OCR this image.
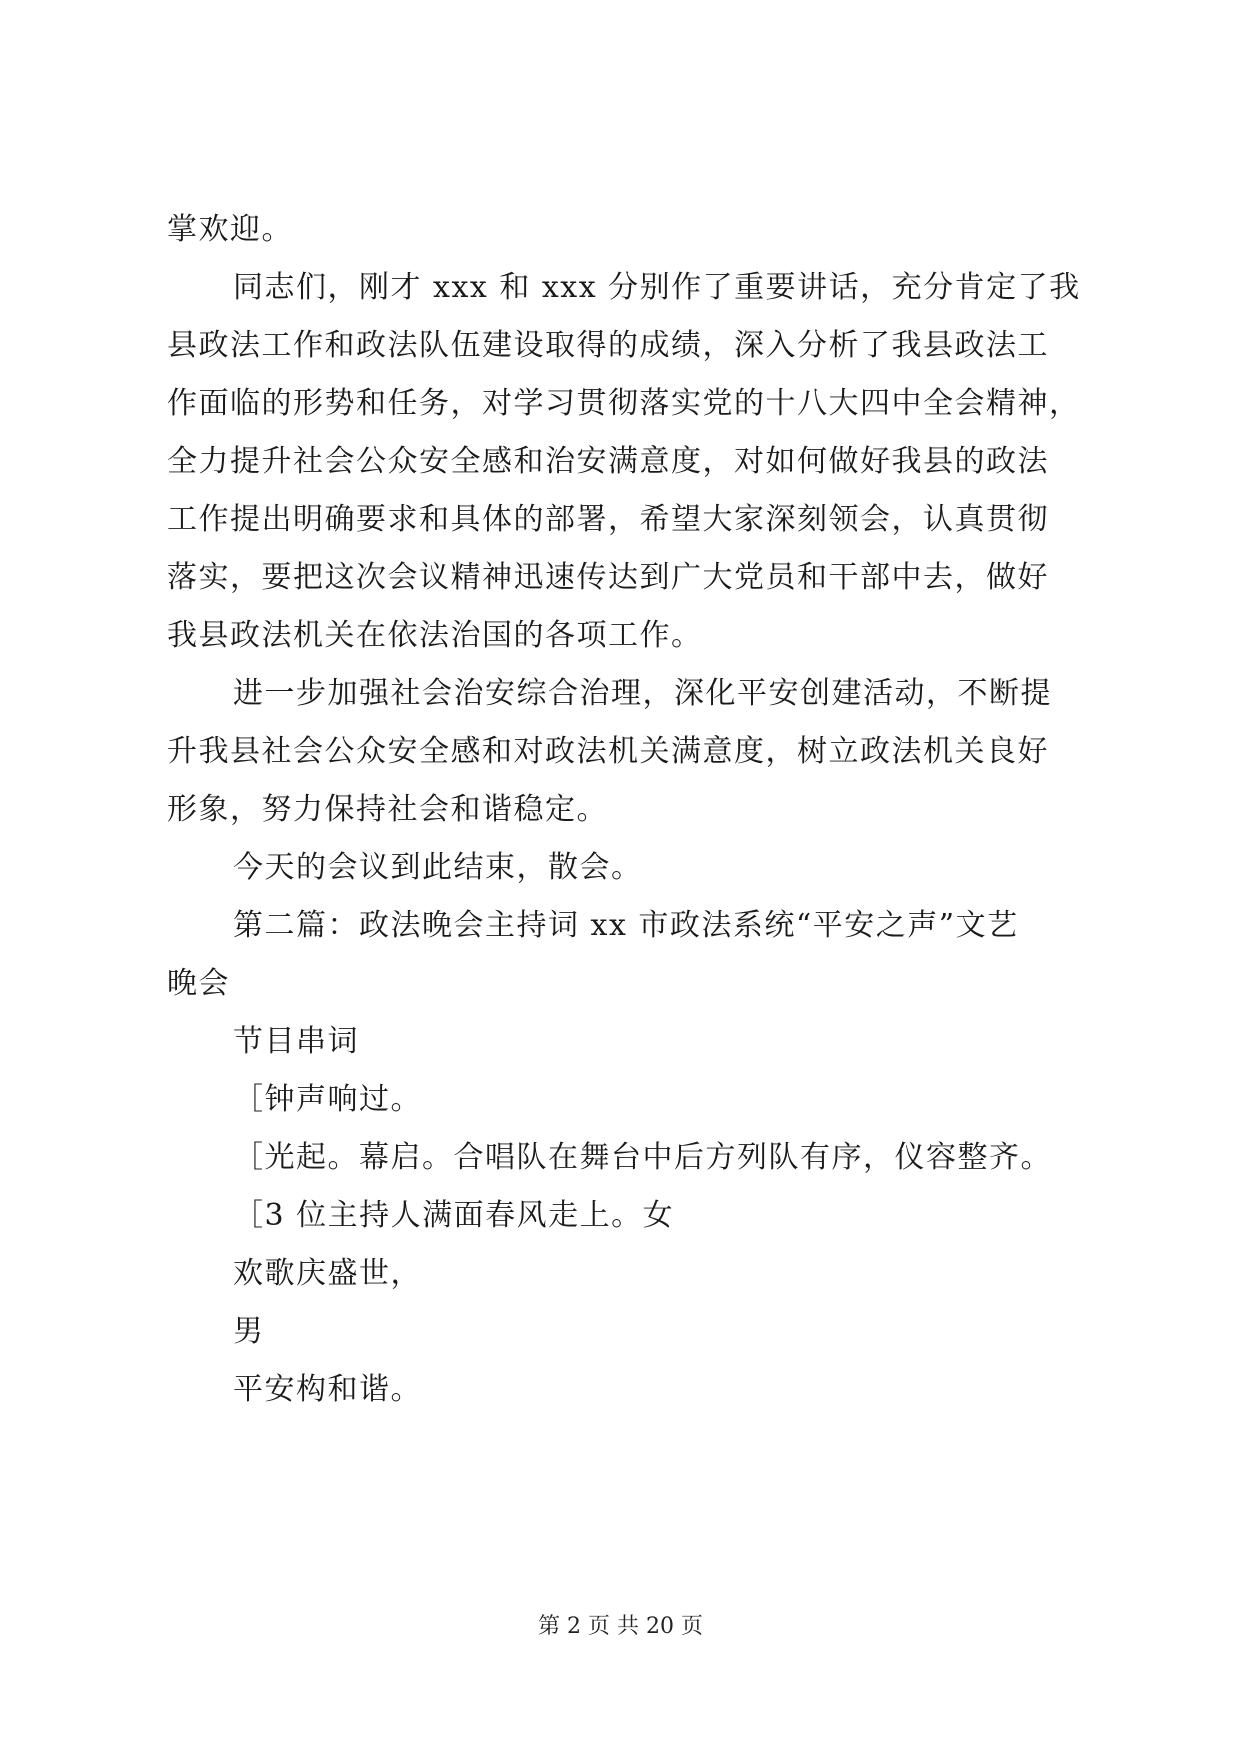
掌欢迎。
同志们，刚才 xxx 和 xxx 分别作了重要讲话，充分肯定了我
县政法工作和政法队伍建设取得的成绩，深入分析了我县政法工
作面临的形势和任务，对学习贯彻落实党的十八大四中全会精神，
全力提升社会公众安全感和治安满意度，对如何做好我县的政法
工作提出明确要求和具体的部署，希望大家深刻领会，认真贯彻
落实，要把这次会议精神迅速传达到广大党员和干部中去，做好
我县政法机关在依法治国的各项工作。
进一步加强社会治安综合治理，深化平安创建活动，不断提
升我县社会公众安全感和对政法机关满意度，树立政法机关良好
形象，努力保持社会和谐稳定。
今天的会议到此结束，散会。
第二篇：政法晚会主持词 xx 市政法系统“平安之声”文艺
晚会
节目串词
［钟声响过。
［光起。幕启。合唱队在舞台中后方列队有序，仪容整齐。
［3 位主持人满面春风走上。女
欢歌庆盛世，
男
平安构和谐。
第 2 页 共 20 页
